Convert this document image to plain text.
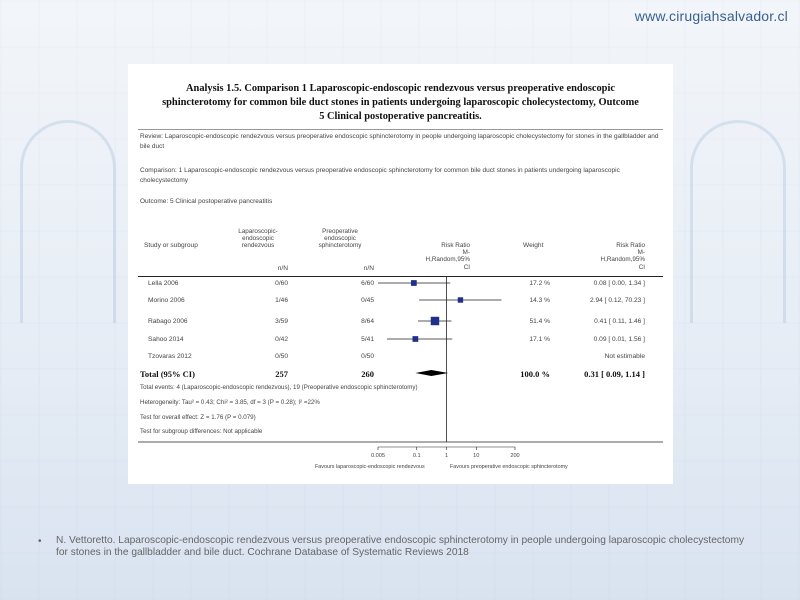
www.cirugiahsalvador.cl
Analysis 1.5. Comparison 1 Laparoscopic-endoscopic rendezvous versus preoperative endoscopic
sphincterotomy for common bile duct stones in patients undergoing laparoscopic cholecystectomy, Outcome
5 Clinical postoperative pancreatitis.
Review: Laparoscopic-endoscopic rendezvous versus preoperative endoscopic sphincterotomy in people undergoing laparoscopic cholecystectomy for stones in the gallbladder and bile duct
Comparison: 1 Laparoscopic-endoscopic rendezvous versus preoperative endoscopic sphincterotomy for common bile duct stones in patients undergoing laparoscopic cholecystectomy
Outcome: 5 Clinical postoperative pancreatitis
Study or subgroup
Laparoscopic-
endoscopic
rendezvous
Preoperative
endoscopic
sphincterotomy	Risk Ratio
M-
H,Random,95%
CI
Weight	Risk Ratio
M-
H,Random,95%
CI
n/N	n/N
Lella 2006	0/60	6/60	17.2 %	0.08 [ 0.00, 1.34 ]
Morino 2006	1/46	0/45	14.3 %	2.94 [ 0.12, 70.23 ]
Rabago 2006	3/59	8/64	51.4 %	0.41 [ 0.11, 1.46 ]
Sahoo 2014	0/42	5/41	17.1 %	0.09 [ 0.01, 1.56 ]
Tzovaras 2012	0/50	0/50	Not estimable
Total (95% CI)	257	260	100.0 %	0.31 [ 0.09, 1.14 ]
Total events: 4 (Laparoscopic-endoscopic rendezvous), 19 (Preoperative endoscopic sphincterotomy)
Heterogeneity: Tau² = 0.43; Chi² = 3.85, df = 3 (P = 0.28); I² =22%
Test for overall effect: Z = 1.76 (P = 0.079)
Test for subgroup differences: Not applicable
0.005	0.1	1	10	200
Favours laparoscopic-endoscopic rendezvous	Favours preoperative endoscopic sphincterotomy
• N. Vettoretto. Laparoscopic-endoscopic rendezvous versus preoperative endoscopic sphincterotomy in people undergoing laparoscopic cholecystectomy for stones in the gallbladder and bile duct. Cochrane Database of Systematic Reviews 2018
